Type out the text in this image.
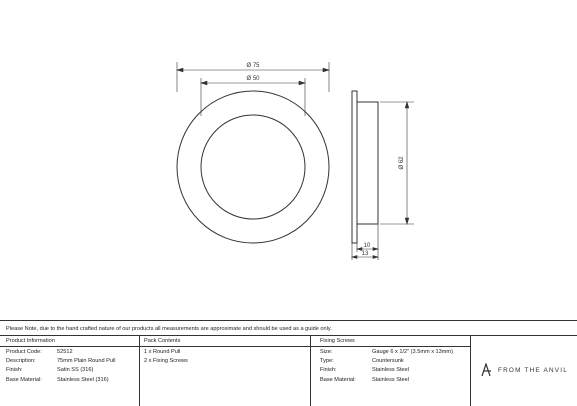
Ø 75
Ø 50
Ø 62
10
13
Please Note, due to the hand crafted nature of our products all measurements are approximate and should be used as a guide only.
Product Information	Pack Contents	Fixing Screws
Product Code:	52512
Description:	75mm Plain Round Pull
Finish:	Satin SS (316)
Base Material:	Stainless Steel (316)
1 x Round Pull
2 x Fixing Screws
Size:	Gauge 6 x 1/2" (3.5mm x 13mm)
Type:	Countersunk
Finish:	Stainless Steel
Base Material:	Stainless Steel
FROM THE ANVIL
